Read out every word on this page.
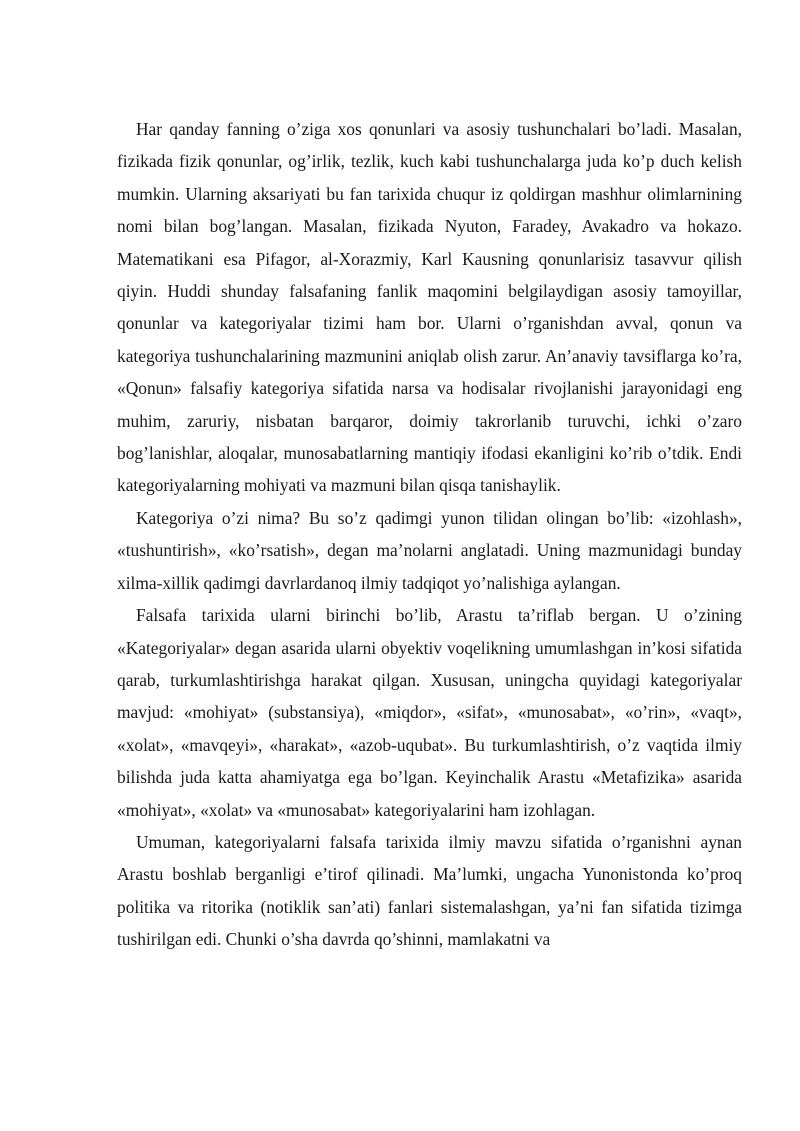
Har qanday fanning o’ziga xos qonunlari va asosiy tushunchalari bo’ladi. Masalan, fizikada fizik qonunlar, og’irlik, tezlik, kuch kabi tushunchalarga juda ko’p duch kelish mumkin. Ularning aksariyati bu fan tarixida chuqur iz qoldirgan mashhur olimlarnining nomi bilan bog’langan. Masalan, fizikada Nyuton, Faradey, Avakadro va hokazo. Matematikani esa Pifagor, al-Xorazmiy, Karl Kausning qonunlarisiz tasavvur qilish qiyin. Huddi shunday falsafaning fanlik maqomini belgilaydigan asosiy tamoyillar, qonunlar va kategoriyalar tizimi ham bor. Ularni o’rganishdan avval, qonun va kategoriya tushunchalarining mazmunini aniqlab olish zarur. An’anaviy tavsiflarga ko’ra, «Qonun» falsafiy kategoriya sifatida narsa va hodisalar rivojlanishi jarayonidagi eng muhim, zaruriy, nisbatan barqaror, doimiy takrorlanib turuvchi, ichki o’zaro bog’lanishlar, aloqalar, munosabatlarning mantiqiy ifodasi ekanligini ko’rib o’tdik. Endi kategoriyalarning mohiyati va mazmuni bilan qisqa tanishaylik.

Kategoriya o’zi nima? Bu so’z qadimgi yunon tilidan olingan bo’lib: «izohlash», «tushuntirish», «ko’rsatish», degan ma’nolarni anglatadi. Uning mazmunidagi bunday xilma-xillik qadimgi davrlardanoq ilmiy tadqiqot yo’nalishiga aylangan.

Falsafa tarixida ularni birinchi bo’lib, Arastu ta’riflab bergan. U o’zining «Kategoriyalar» degan asarida ularni obyektiv voqelikning umumlashgan in’kosi sifatida qarab, turkumlashtirishga harakat qilgan. Xususan, uningcha quyidagi kategoriyalar mavjud: «mohiyat» (substansiya), «miqdor», «sifat», «munosabat», «o’rin», «vaqt», «xolat», «mavqeyi», «harakat», «azob-uqubat». Bu turkumlashtirish, o’z vaqtida ilmiy bilishda juda katta ahamiyatga ega bo’lgan. Keyinchalik Arastu «Metafizika» asarida «mohiyat», «xolat» va «munosabat» kategoriyalarini ham izohlagan.

Umuman, kategoriyalarni falsafa tarixida ilmiy mavzu sifatida o’rganishni aynan Arastu boshlab berganligi e’tirof qilinadi. Ma’lumki, ungacha Yunonistonda ko’proq politika va ritorika (notiklik san’ati) fanlari sistemalashgan, ya’ni fan sifatida tizimga tushirilgan edi. Chunki o’sha davrda qo’shinni, mamlakatni va
